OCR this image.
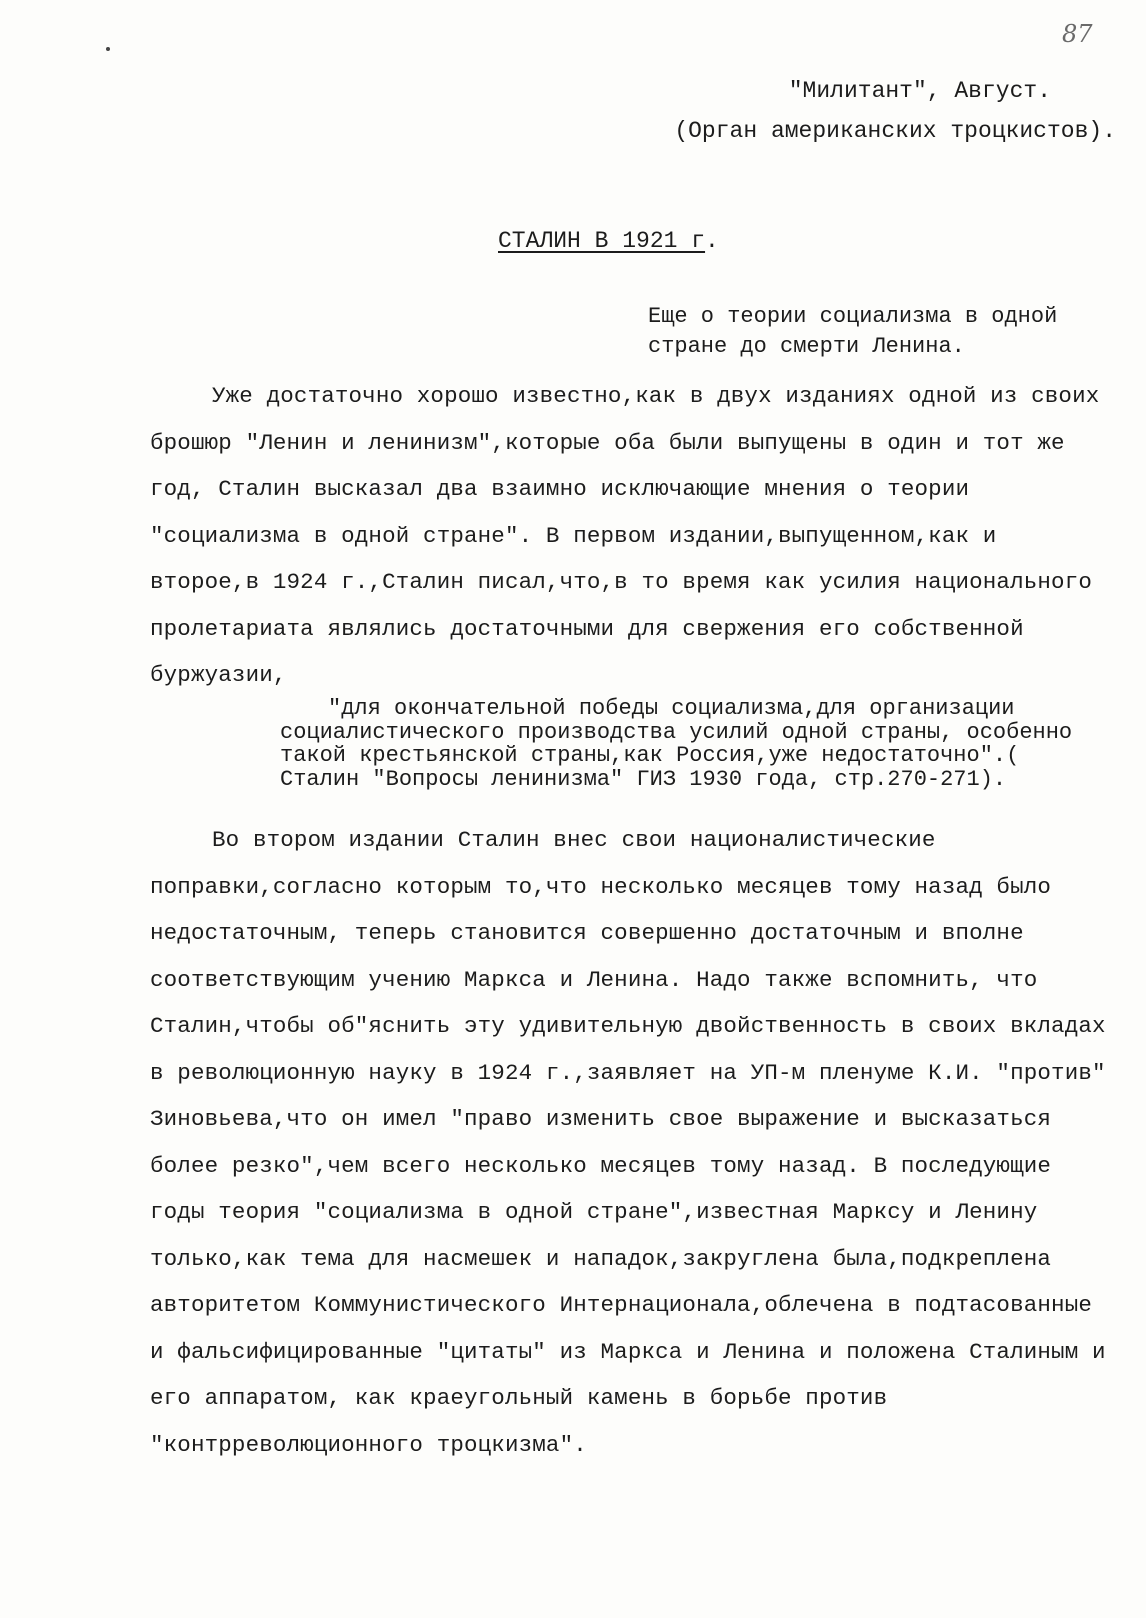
87
"Милитант", Август.
(Орган американских троцкистов).
СТАЛИН В 1921 г.
Еще о теории социализма в одной стране до смерти Ленина.
Уже достаточно хорошо известно,как в двух изданиях одной из своих брошюр "Ленин и ленинизм",которые оба были выпущены в один и тот же год, Сталин высказал два взаимно исключающие мнения о теории "социализма в одной стране". В первом издании,выпущенном,как и второе,в 1924 г.,Сталин писал,что,в то время как усилия национального пролетариата являлись достаточными для свержения его собственной буржуазии,
"для окончательной победы социализма,для организации социалистического производства усилий одной страны, особенно такой крестьянской страны,как Россия,уже недостаточно".( Сталин "Вопросы ленинизма" ГИЗ 1930 года, стр.270-271).
Во втором издании Сталин внес свои националистические поправки,согласно которым то,что несколько месяцев тому назад было недостаточным, теперь становится совершенно достаточным и вполне соответствующим учению Маркса и Ленина. Надо также вспомнить, что Сталин,чтобы об"яснить эту удивительную двойственность в своих вкладах в революционную науку в 1924 г.,заявляет на УП-м пленуме К.И. "против" Зиновьева,что он имел "право изменить свое выражение и высказаться более резко",чем всего несколько месяцев тому назад. В последующие годы теория "социализма в одной стране",известная Марксу и Ленину только,как тема для насмешек и нападок,закруглена была,подкреплена авторитетом Коммунистического Интернационала,облечена в подтасованные и фальсифицированные "цитаты" из Маркса и Ленина и положена Сталиным и его аппаратом, как краеугольный камень в борьбе против "контрреволюционного троцкизма".
